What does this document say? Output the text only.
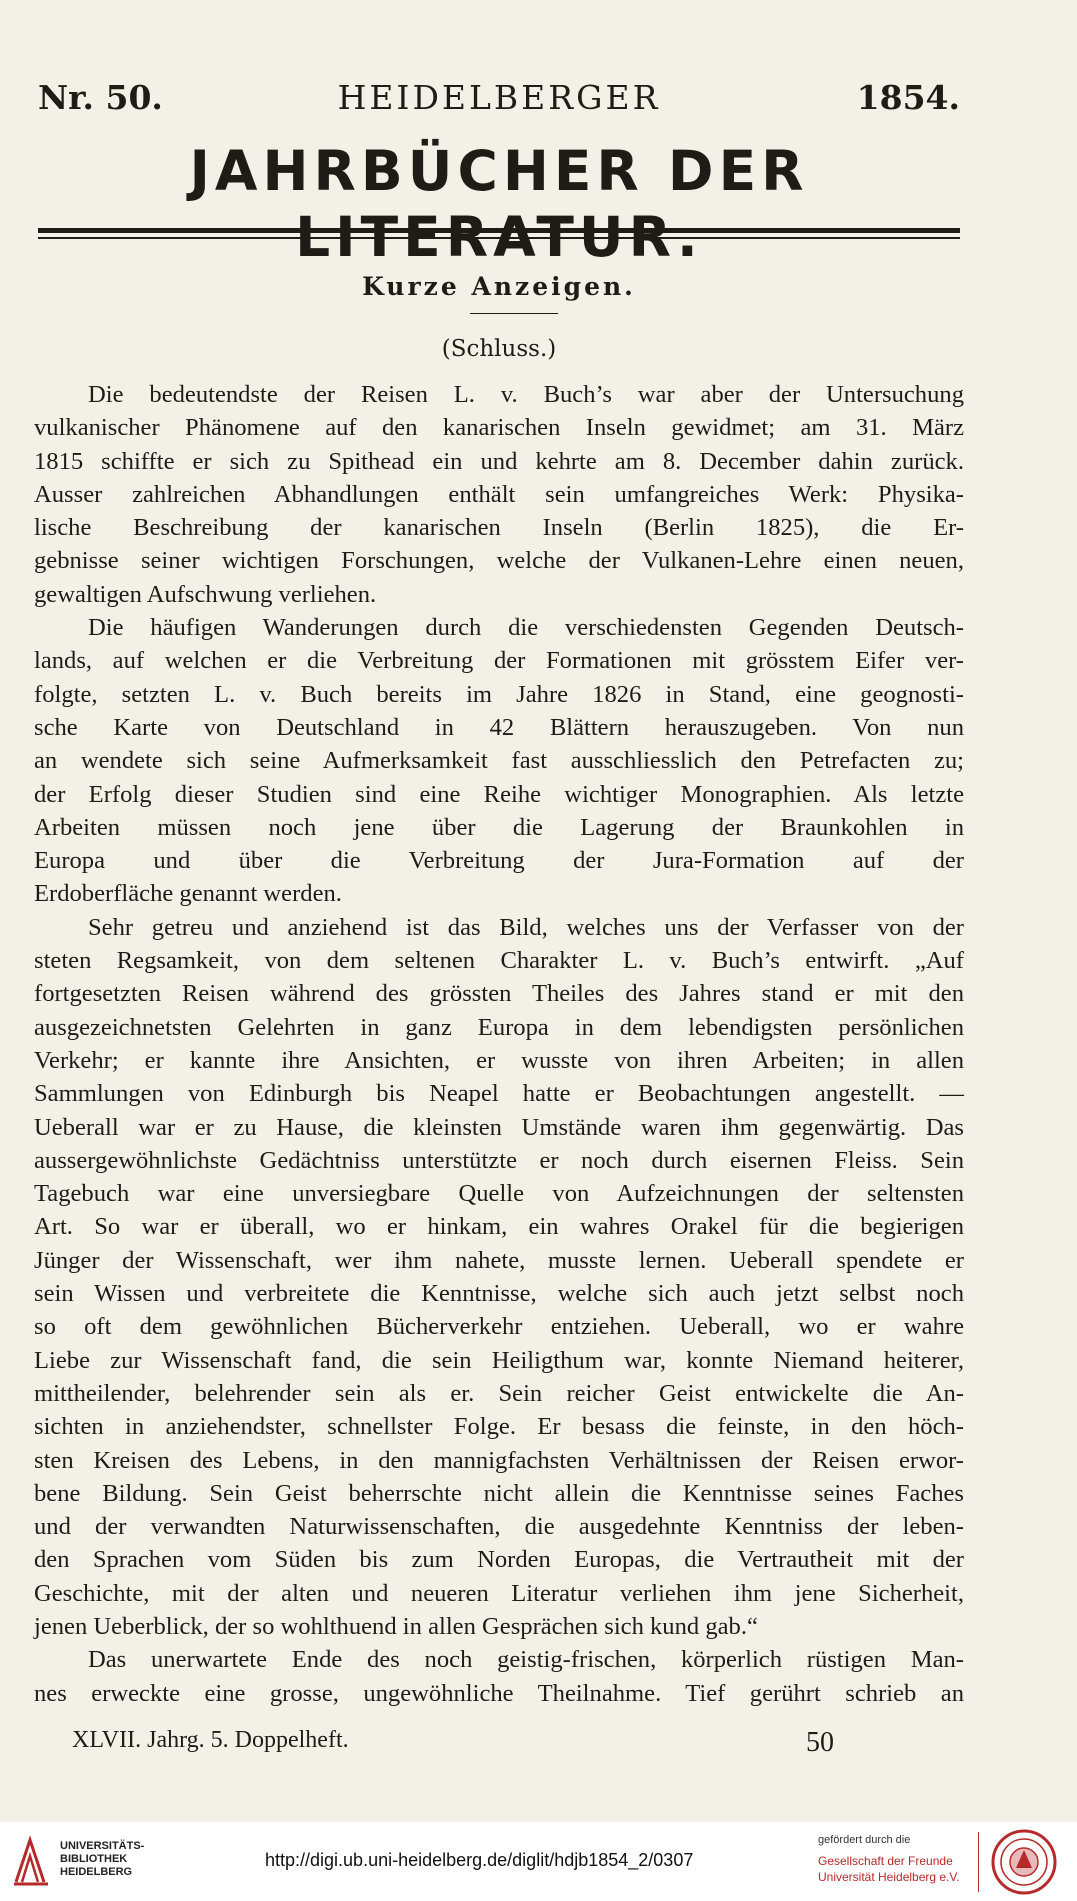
Nr. 50.	HEIDELBERGER	1854.
JAHRBÜCHER DER
Kurze Anzeigen.
(Schluss.)
Die bedeutendste der Reisen L. v. Buch’s war aber der Untersuchung
vulkanischer Phänomene auf den kanarischen Inseln gewidmet; am 31. März
1815 schiffte er sich zu Spithead ein und kehrte am 8. December dahin zurück.
Ausser zahlreichen Abhandlungen enthält sein umfangreiches Werk: Physika-
lische Beschreibung der kanarischen Inseln (Berlin 1825), die Er-
gebnisse seiner wichtigen Forschungen, welche der Vulkanen-Lehre einen neuen,
gewaltigen Aufschwung verliehen.
Die häufigen Wanderungen durch die verschiedensten Gegenden Deutsch-
lands, auf welchen er die Verbreitung der Formationen mit grösstem Eifer ver-
folgte, setzten L. v. Buch bereits im Jahre 1826 in Stand, eine geognosti-
sche Karte von Deutschland in 42 Blättern herauszugeben. Von nun
an wendete sich seine Aufmerksamkeit fast ausschliesslich den Petrefacten zu;
der Erfolg dieser Studien sind eine Reihe wichtiger Monographien. Als letzte
Arbeiten müssen noch jene über die Lagerung der Braunkohlen in
Europa und über die Verbreitung der Jura-Formation auf der
Erdoberfläche genannt werden.
Sehr getreu und anziehend ist das Bild, welches uns der Verfasser von der
steten Regsamkeit, von dem seltenen Charakter L. v. Buch’s entwirft. „Auf
fortgesetzten Reisen während des grössten Theiles des Jahres stand er mit den
ausgezeichnetsten Gelehrten in ganz Europa in dem lebendigsten persönlichen
Verkehr; er kannte ihre Ansichten, er wusste von ihren Arbeiten; in allen
Sammlungen von Edinburgh bis Neapel hatte er Beobachtungen angestellt. —
Ueberall war er zu Hause, die kleinsten Umstände waren ihm gegenwärtig. Das
aussergewöhnlichste Gedächtniss unterstützte er noch durch eisernen Fleiss. Sein
Tagebuch war eine unversiegbare Quelle von Aufzeichnungen der seltensten
Art. So war er überall, wo er hinkam, ein wahres Orakel für die begierigen
Jünger der Wissenschaft, wer ihm nahete, musste lernen. Ueberall spendete er
sein Wissen und verbreitete die Kenntnisse, welche sich auch jetzt selbst noch
so oft dem gewöhnlichen Bücherverkehr entziehen. Ueberall, wo er wahre
Liebe zur Wissenschaft fand, die sein Heiligthum war, konnte Niemand heiterer,
mittheilender, belehrender sein als er. Sein reicher Geist entwickelte die An-
sichten in anziehendster, schnellster Folge. Er besass die feinste, in den höch-
sten Kreisen des Lebens, in den mannigfachsten Verhältnissen der Reisen erwor-
bene Bildung. Sein Geist beherrschte nicht allein die Kenntnisse seines Faches
und der verwandten Naturwissenschaften, die ausgedehnte Kenntniss der leben-
den Sprachen vom Süden bis zum Norden Europas, die Vertrautheit mit der
Geschichte, mit der alten und neueren Literatur verliehen ihm jene Sicherheit,
jenen Ueberblick, der so wohlthuend in allen Gesprächen sich kund gab.“
Das unerwartete Ende des noch geistig-frischen, körperlich rüstigen Man-
nes erweckte eine grosse, ungewöhnliche Theilnahme. Tief gerührt schrieb an
XLVII. Jahrg. 5. Doppelheft.	50
UNIVERSITÄTS-
BIBLIOTHEK
HEIDELBERG
http://digi.ub.uni-heidelberg.de/diglit/hdjb1854_2/0307
gefördert durch die
Gesellschaft der Freunde
Universität Heidelberg e.V.
